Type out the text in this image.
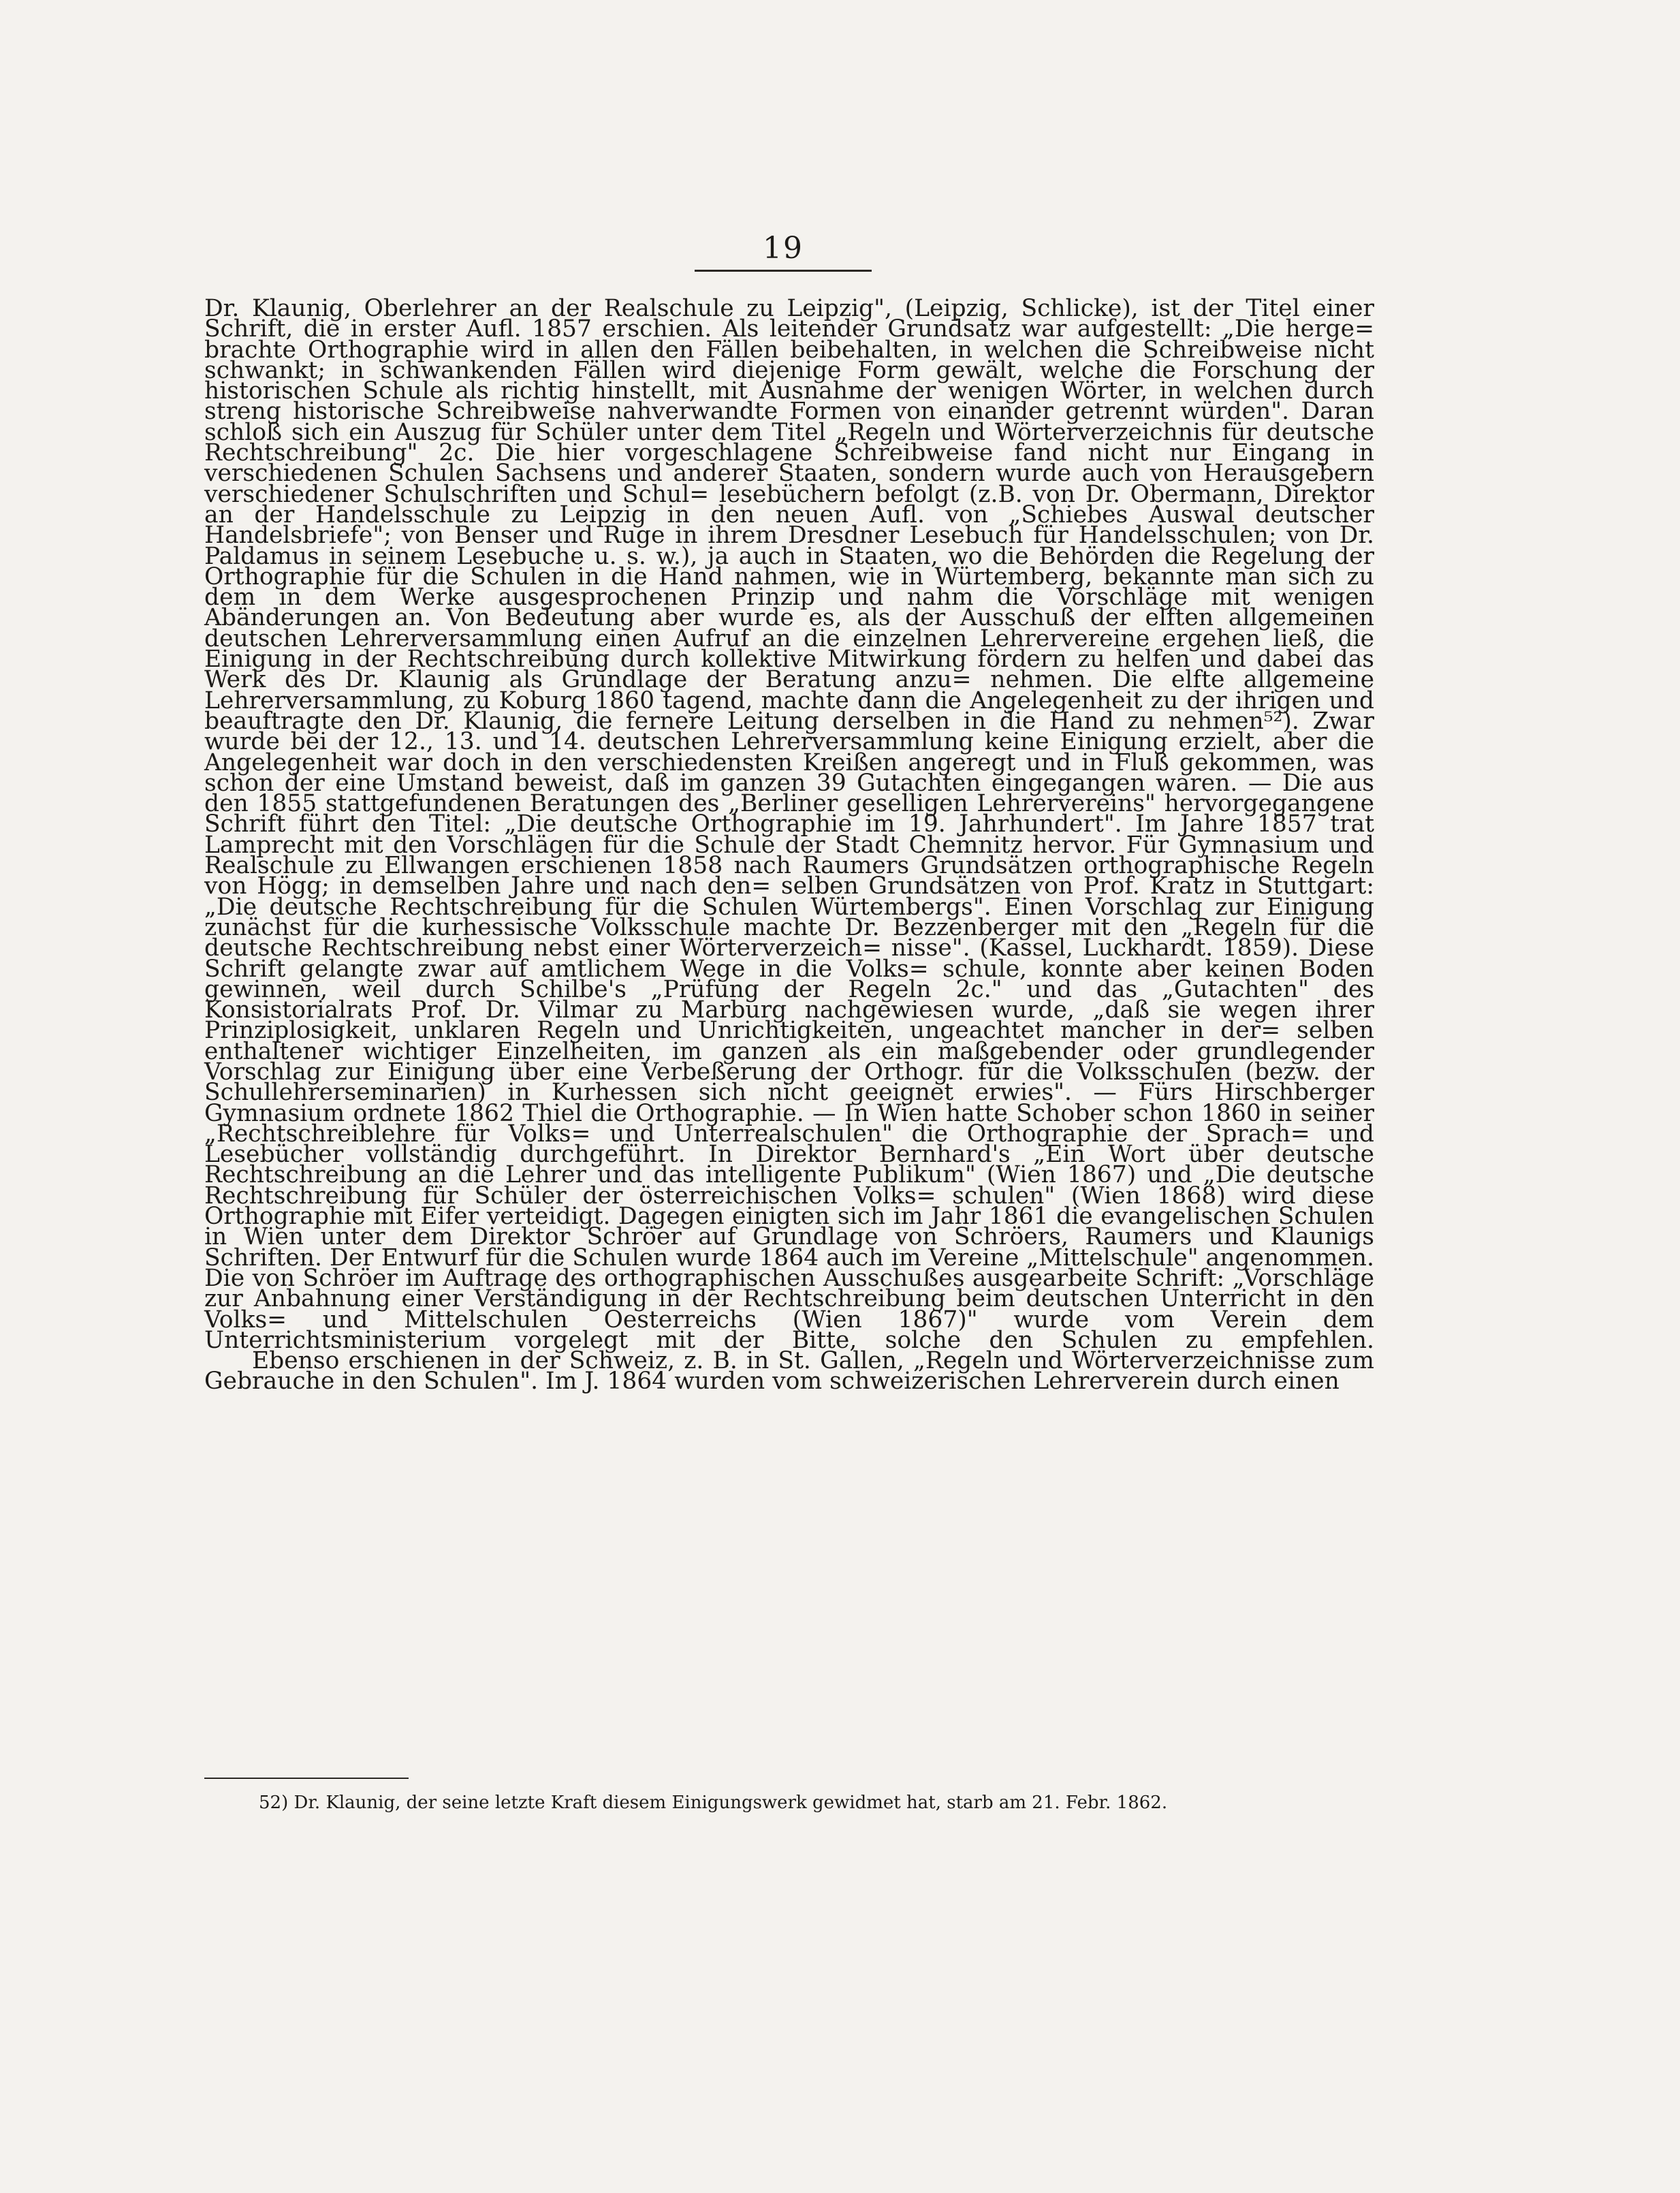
19

Dr. Klaunig, Oberlehrer an der Realschule zu Leipzig", (Leipzig, Schlicke), ist der Titel einer Schrift, die in erster Aufl. 1857 erschien. Als leitender Grundsatz war aufgestellt: „Die herge= brachte Orthographie wird in allen den Fällen beibehalten, in welchen die Schreibweise nicht schwankt; in schwankenden Fällen wird diejenige Form gewält, welche die Forschung der historischen Schule als richtig hinstellt, mit Ausnahme der wenigen Wörter, in welchen durch streng historische Schreibweise nahverwandte Formen von einander getrennt würden". Daran schloß sich ein Auszug für Schüler unter dem Titel „Regeln und Wörterverzeichnis für deutsche Rechtschreibung" 2c. Die hier vorgeschlagene Schreibweise fand nicht nur Eingang in verschiedenen Schulen Sachsens und anderer Staaten, sondern wurde auch von Herausgebern verschiedener Schulschriften und Schul= lesebüchern befolgt (z.B. von Dr. Obermann, Direktor an der Handelsschule zu Leipzig in den neuen Aufl. von „Schiebes Auswal deutscher Handelsbriefe"; von Benser und Ruge in ihrem Dresdner Lesebuch für Handelsschulen; von Dr. Paldamus in seinem Lesebuche u. s. w.), ja auch in Staaten, wo die Behörden die Regelung der Orthographie für die Schulen in die Hand nahmen, wie in Würtemberg, bekannte man sich zu dem in dem Werke ausgesprochenen Prinzip und nahm die Vorschläge mit wenigen Abänderungen an. Von Bedeutung aber wurde es, als der Ausschuß der elften allgemeinen deutschen Lehrerversammlung einen Aufruf an die einzelnen Lehrervereine ergehen ließ, die Einigung in der Rechtschreibung durch kollektive Mitwirkung fördern zu helfen und dabei das Werk des Dr. Klaunig als Grundlage der Beratung anzu= nehmen. Die elfte allgemeine Lehrerversammlung, zu Koburg 1860 tagend, machte dann die Angelegenheit zu der ihrigen und beauftragte den Dr. Klaunig, die fernere Leitung derselben in die Hand zu nehmen⁵²). Zwar wurde bei der 12., 13. und 14. deutschen Lehrerversammlung keine Einigung erzielt, aber die Angelegenheit war doch in den verschiedensten Kreißen angeregt und in Fluß gekommen, was schon der eine Umstand beweist, daß im ganzen 39 Gutachten eingegangen waren. — Die aus den 1855 stattgefundenen Beratungen des „Berliner geselligen Lehrervereins" hervorgegangene Schrift führt den Titel: „Die deutsche Orthographie im 19. Jahrhundert". Im Jahre 1857 trat Lamprecht mit den Vorschlägen für die Schule der Stadt Chemnitz hervor. Für Gymnasium und Realschule zu Ellwangen erschienen 1858 nach Raumers Grundsätzen orthographische Regeln von Högg; in demselben Jahre und nach den= selben Grundsätzen von Prof. Kratz in Stuttgart: „Die deutsche Rechtschreibung für die Schulen Würtembergs". Einen Vorschlag zur Einigung zunächst für die kurhessische Volksschule machte Dr. Bezzenberger mit den „Regeln für die deutsche Rechtschreibung nebst einer Wörterverzeich= nisse". (Kassel, Luckhardt. 1859). Diese Schrift gelangte zwar auf amtlichem Wege in die Volks= schule, konnte aber keinen Boden gewinnen, weil durch Schilbe's „Prüfung der Regeln 2c." und das „Gutachten" des Konsistorialrats Prof. Dr. Vilmar zu Marburg nachgewiesen wurde, „daß sie wegen ihrer Prinziplosigkeit, unklaren Regeln und Unrichtigkeiten, ungeachtet mancher in der= selben enthaltener wichtiger Einzelheiten, im ganzen als ein maßgebender oder grundlegender Vorschlag zur Einigung über eine Verbeßerung der Orthogr. für die Volksschulen (bezw. der Schullehrerseminarien) in Kurhessen sich nicht geeignet erwies". — Fürs Hirschberger Gymnasium ordnete 1862 Thiel die Orthographie. — In Wien hatte Schober schon 1860 in seiner „Rechtschreiblehre für Volks= und Unterrealschulen" die Orthographie der Sprach= und Lesebücher vollständig durchgeführt. In Direktor Bernhard's „Ein Wort über deutsche Rechtschreibung an die Lehrer und das intelligente Publikum" (Wien 1867) und „Die deutsche Rechtschreibung für Schüler der österreichischen Volks= schulen" (Wien 1868) wird diese Orthographie mit Eifer verteidigt. Dagegen einigten sich im Jahr 1861 die evangelischen Schulen in Wien unter dem Direktor Schröer auf Grundlage von Schröers, Raumers und Klaunigs Schriften. Der Entwurf für die Schulen wurde 1864 auch im Vereine „Mittelschule" angenommen. Die von Schröer im Auftrage des orthographischen Ausschußes ausgearbeite Schrift: „Vorschläge zur Anbahnung einer Verständigung in der Rechtschreibung beim deutschen Unterricht in den Volks= und Mittelschulen Oesterreichs (Wien 1867)" wurde vom Verein dem Unterrichtsministerium vorgelegt mit der Bitte, solche den Schulen zu empfehlen.

Ebenso erschienen in der Schweiz, z. B. in St. Gallen, „Regeln und Wörterverzeichnisse zum Gebrauche in den Schulen". Im J. 1864 wurden vom schweizerischen Lehrerverein durch einen

52) Dr. Klaunig, der seine letzte Kraft diesem Einigungswerk gewidmet hat, starb am 21. Febr. 1862.
